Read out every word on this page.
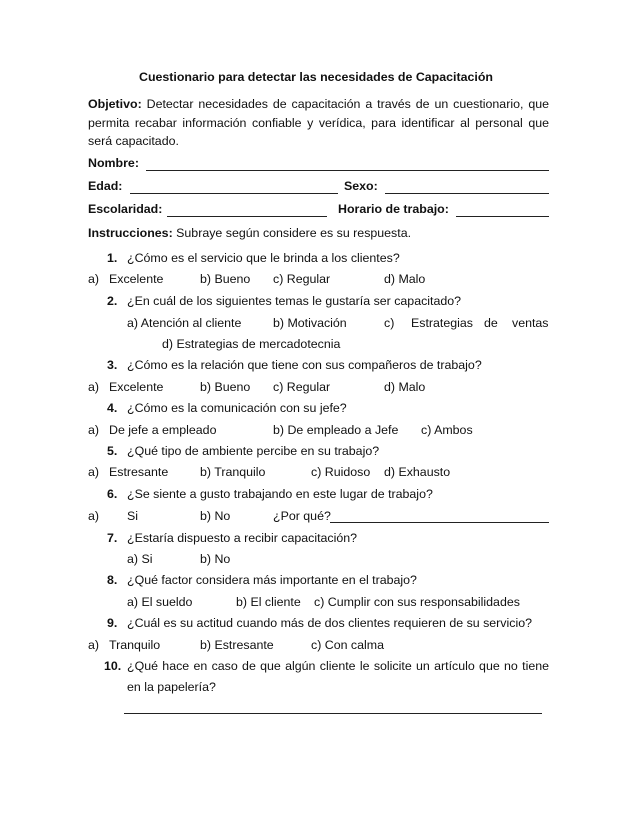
Cuestionario para detectar las necesidades de Capacitación
Objetivo: Detectar necesidades de capacitación a través de un cuestionario, que
permita recabar información confiable y verídica, para identificar al personal que
será capacitado.
Nombre:
Edad:	Sexo:
Escolaridad:	Horario de trabajo:
Instrucciones: Subraye según considere es su respuesta.
1. ¿Cómo es el servicio que le brinda a los clientes?
a) Excelente	b) Bueno c) Regular	d) Malo
2. ¿En cuál de los siguientes temas le gustaría ser capacitado?
a) Atención al cliente	b) Motivación	c) Estrategias de ventas
d) Estrategias de mercadotecnia
3. ¿Cómo es la relación que tiene con sus compañeros de trabajo?
a) Excelente	b) Bueno c) Regular	d) Malo
4. ¿Cómo es la comunicación con su jefe?
a) De jefe a empleado	b) De empleado a Jefe c) Ambos
5. ¿Qué tipo de ambiente percibe en su trabajo?
a) Estresante	b) Tranquilo	c) Ruidoso d) Exhausto
6. ¿Se siente a gusto trabajando en este lugar de trabajo?
a) Si	b) No	¿Por qué?
7. ¿Estaría dispuesto a recibir capacitación?
a) Si	b) No
8. ¿Qué factor considera más importante en el trabajo?
a) El sueldo	b) El cliente c) Cumplir con sus responsabilidades
9. ¿Cuál es su actitud cuando más de dos clientes requieren de su servicio?
a) Tranquilo	b) Estresante	c) Con calma
10. ¿Qué hace en caso de que algún cliente le solicite un artículo que no tiene
en la papelería?
